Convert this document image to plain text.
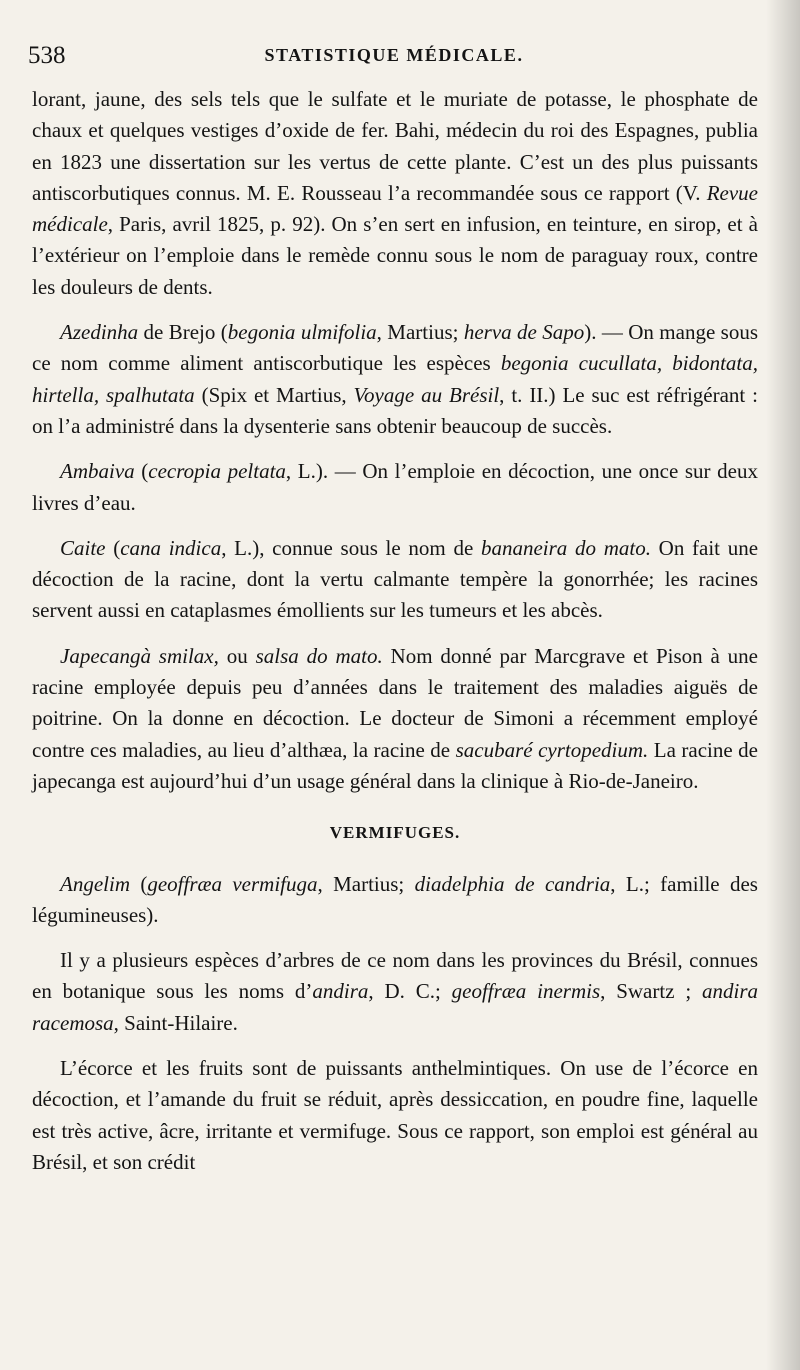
538	STATISTIQUE MÉDICALE.

lorant, jaune, des sels tels que le sulfate et le muriate de potasse, le phosphate de chaux et quelques vestiges d’oxide de fer. Bahi, médecin du roi des Espagnes, publia en 1823 une dissertation sur les vertus de cette plante. C’est un des plus puissants antiscorbutiques connus. M. E. Rousseau l’a recommandée sous ce rapport (V. Revue médicale, Paris, avril 1825, p. 92). On s’en sert en infusion, en teinture, en sirop, et à l’extérieur on l’emploie dans le remède connu sous le nom de paraguay roux, contre les douleurs de dents.

Azedinha de Brejo (begonia ulmifolia, Martius; herva de Sapo). — On mange sous ce nom comme aliment antiscorbutique les espèces begonia cucullata, bidontata, hirtella, spalhutata (Spix et Martius, Voyage au Brésil, t. II.) Le suc est réfrigérant : on l’a administré dans la dysenterie sans obtenir beaucoup de succès.

Ambaiva (cecropia peltata, L.). — On l’emploie en décoction, une once sur deux livres d’eau.

Caite (cana indica, L.), connue sous le nom de bananeira do mato. On fait une décoction de la racine, dont la vertu calmante tempère la gonorrhée; les racines servent aussi en cataplasmes émollients sur les tumeurs et les abcès.

Japecangà smilax, ou salsa do mato. Nom donné par Marcgrave et Pison à une racine employée depuis peu d’années dans le traitement des maladies aiguës de poitrine. On la donne en décoction. Le docteur de Simoni a récemment employé contre ces maladies, au lieu d’althæa, la racine de sacubaré cyrtopedium. La racine de japecanga est aujourd’hui d’un usage général dans la clinique à Rio-de-Janeiro.

VERMIFUGES.

Angelim (geoffræa vermifuga, Martius; diadelphia de candria, L.; famille des légumineuses).

Il y a plusieurs espèces d’arbres de ce nom dans les provinces du Brésil, connues en botanique sous les noms d’andira, D. C.; geoffræa inermis, Swartz ; andira racemosa, Saint-Hilaire.

L’écorce et les fruits sont de puissants anthelmintiques. On use de l’écorce en décoction, et l’amande du fruit se réduit, après dessiccation, en poudre fine, laquelle est très active, âcre, irritante et vermifuge. Sous ce rapport, son emploi est général au Brésil, et son crédit
